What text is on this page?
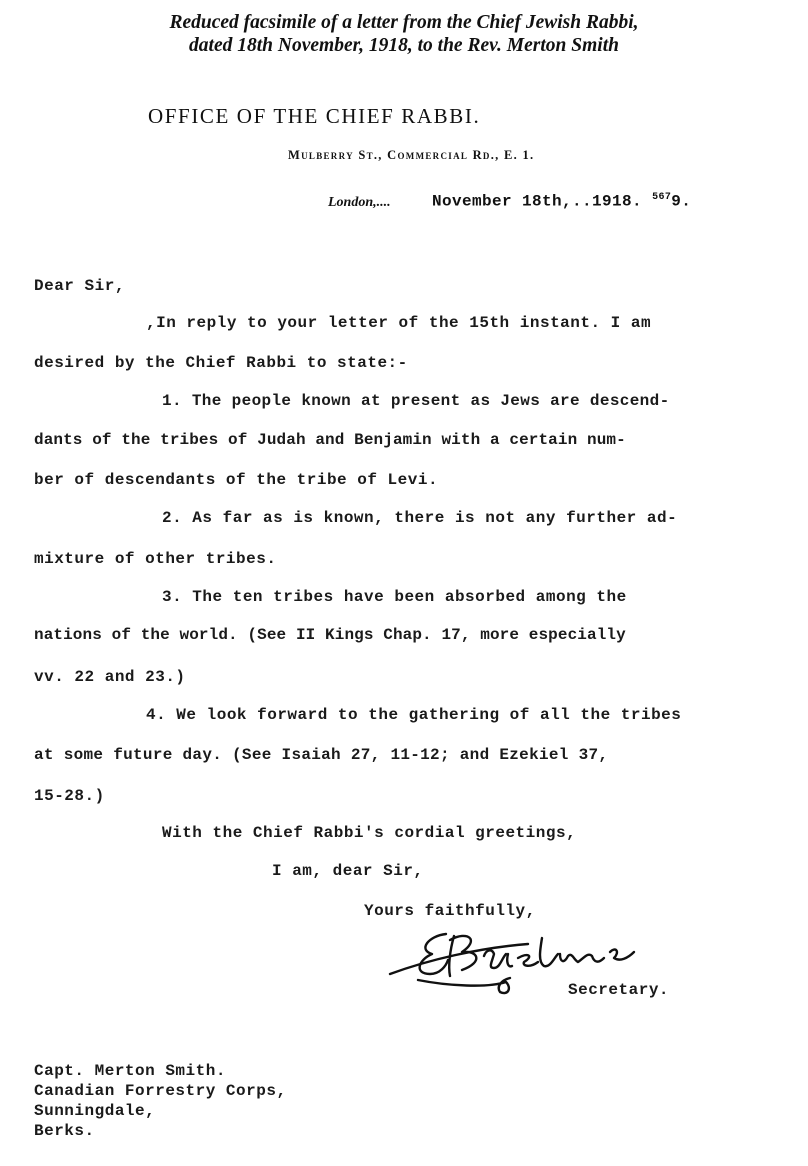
Reduced facsimile of a letter from the Chief Jewish Rabbi,
dated 18th November, 1918, to the Rev. Merton Smith
OFFICE OF THE CHIEF RABBI.
Mulberry St., Commercial Rd., E. 1.
London,....	November 18th,..1918. $^{567}$9.
Dear Sir,
,In reply to your letter of the 15th instant. I am
desired by the Chief Rabbi to state:-
1. The people known at present as Jews are descend-
dants of the tribes of Judah and Benjamin with a certain num-
ber of descendants of the tribe of Levi.
2. As far as is known, there is not any further ad-
mixture of other tribes.
3. The ten tribes have been absorbed among the
nations of the world. (See II Kings Chap. 17, more especially
vv. 22 and 23.)
4. We look forward to the gathering of all the tribes
at some future day. (See Isaiah 27, 11-12; and Ezekiel 37,
15-28.)
With the Chief Rabbi's cordial greetings,
I am, dear Sir,
Yours faithfully,
Secretary.
Capt. Merton Smith.
Canadian Forrestry Corps,
Sunningdale,
Berks.
